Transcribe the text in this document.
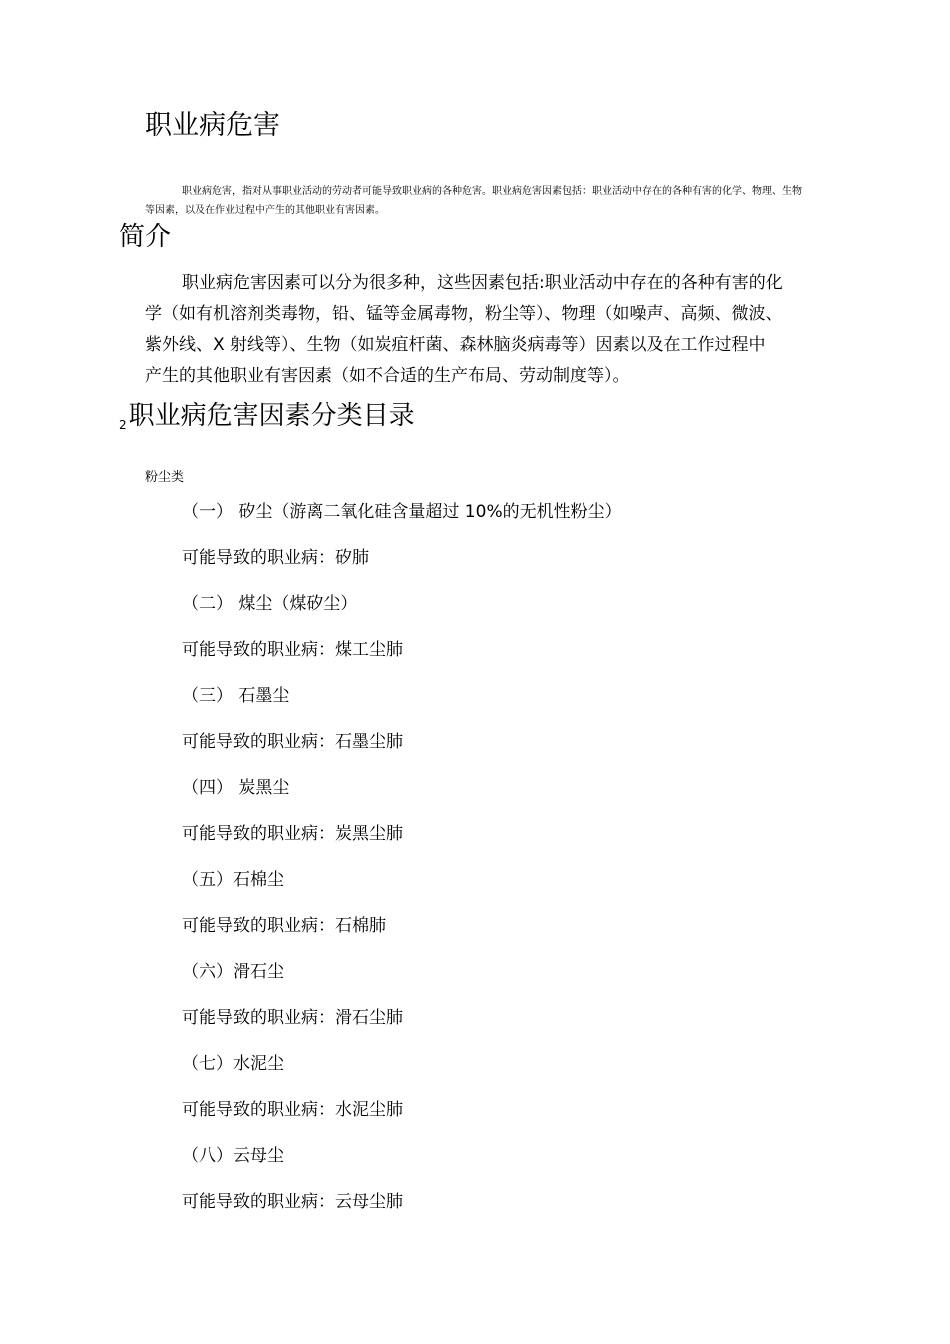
职业病危害
职业病危害，指对从事职业活动的劳动者可能导致职业病的各种危害。职业病危害因素包括：职业活动中存在的各种有害的化学、物理、生物等因素，以及在作业过程中产生的其他职业有害因素。
简介
职业病危害因素可以分为很多种，这些因素包括:职业活动中存在的各种有害的化
学（如有机溶剂类毒物，铅、锰等金属毒物，粉尘等）、物理（如噪声、高频、微波、
紫外线、X 射线等）、生物（如炭疽杆菌、森林脑炎病毒等）因素以及在工作过程中
产生的其他职业有害因素（如不合适的生产布局、劳动制度等）。
2职业病危害因素分类目录
粉尘类
（一） 矽尘（游离二氧化硅含量超过 10%的无机性粉尘）
可能导致的职业病：矽肺
（二） 煤尘（煤矽尘）
可能导致的职业病：煤工尘肺
（三） 石墨尘
可能导致的职业病：石墨尘肺
（四） 炭黑尘
可能导致的职业病：炭黑尘肺
（五）石棉尘
可能导致的职业病：石棉肺
（六）滑石尘
可能导致的职业病：滑石尘肺
（七）水泥尘
可能导致的职业病：水泥尘肺
（八）云母尘
可能导致的职业病：云母尘肺
